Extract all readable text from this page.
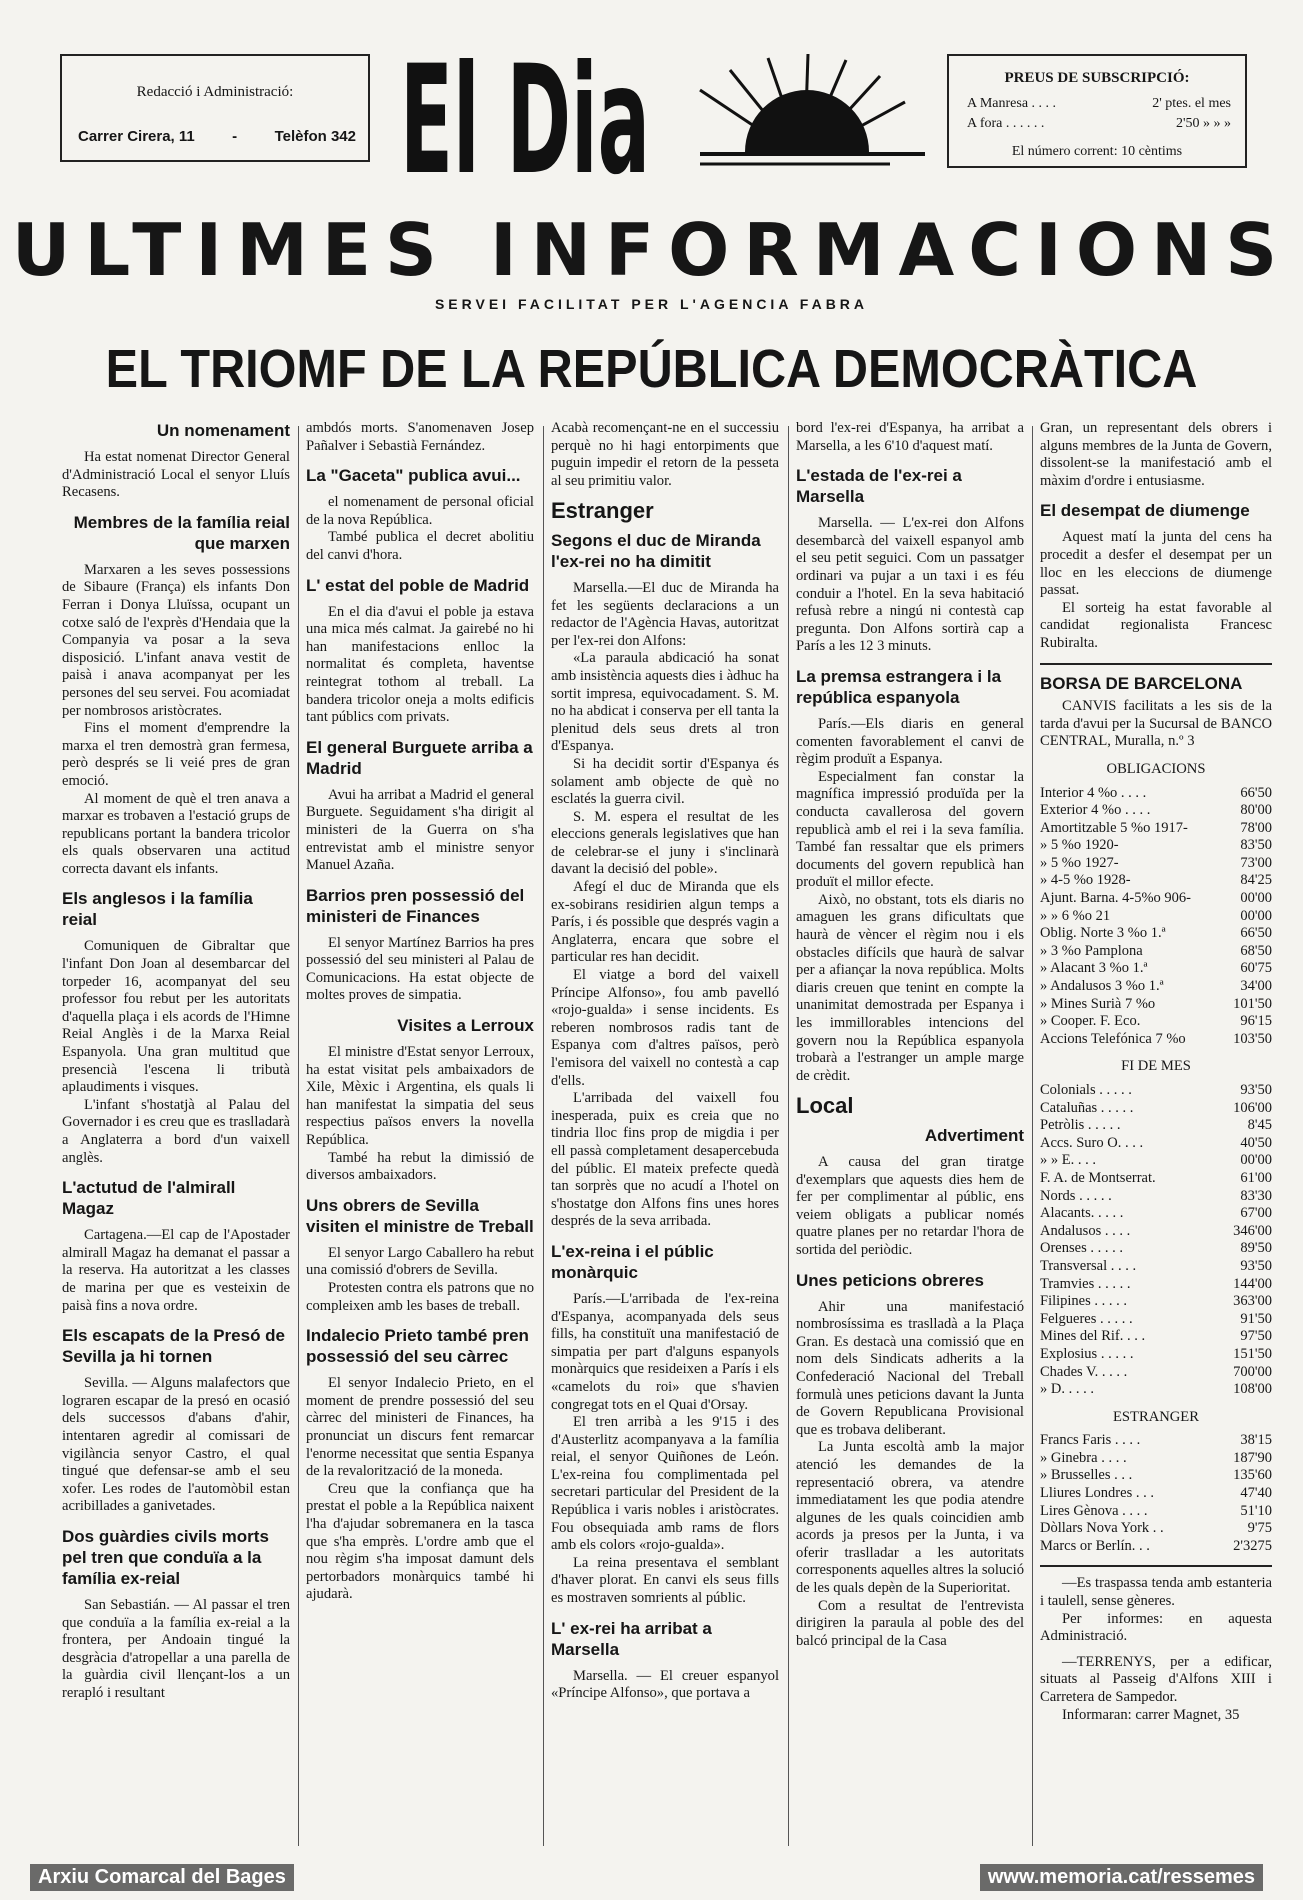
Redacció i Administració:
Carrer Cirera, 11 - Telèfon 342 El Dia	PREUS DE SUBSCRIPCIÓ:
A Manresa . . . .	2' ptes. el mes
A fora . . . . . .	2'50 » » »
El número corrent: 10 cèntims
ULTIMES INFORMACIONS
SERVEI FACILITAT PER L'AGENCIA FABRA
EL TRIOMF DE LA REPÚBLICA DEMOCRÀTICA
Un nomenament

Ha estat nomenat Director General d'Administració Local el senyor Lluís Recasens.

Membres de la família reial que marxen

Marxaren a les seves possessions de Sibaure (França) els infants Don Ferran i Donya Lluïssa, ocupant un cotxe saló de l'exprès d'Hendaia que la Companyia va posar a la seva disposició. L'infant anava vestit de paisà i anava acompanyat per les persones del seu servei. Fou acomiadat per nombrosos aristòcrates.

Fins el moment d'emprendre la marxa el tren demostrà gran fermesa, però després se li veié pres de gran emoció.

Al moment de què el tren anava a marxar es trobaven a l'estació grups de republicans portant la bandera tricolor els quals observaren una actitud correcta davant els infants.

Els anglesos i la família reial

Comuniquen de Gibraltar que l'infant Don Joan al desembarcar del torpeder 16, acompanyat del seu professor fou rebut per les autoritats d'aquella plaça i els acords de l'Himne Reial Anglès i de la Marxa Reial Espanyola. Una gran multitud que presencià l'escena li tributà aplaudiments i visques.

L'infant s'hostatjà al Palau del Governador i es creu que es traslladarà a Anglaterra a bord d'un vaixell anglès.

L'actutud de l'almirall Magaz

Cartagena.—El cap de l'Apostader almirall Magaz ha demanat el passar a la reserva. Ha autoritzat a les classes de marina per que es vesteixin de paisà fins a nova ordre.

Els escapats de la Presó de Sevilla ja hi tornen

Sevilla. — Alguns malafectors que lograren escapar de la presó en ocasió dels successos d'abans d'ahir, intentaren agredir al comissari de vigilància senyor Castro, el qual tingué que defensar-se amb el seu xofer. Les rodes de l'automòbil estan acribillades a ganivetades.

Dos guàrdies civils morts pel tren que conduïa a la família ex-reial

San Sebastián. — Al passar el tren que conduïa a la família ex-reial a la frontera, per Andoain tingué la desgràcia d'atropellar a una parella de la guàrdia civil llençant-los a un rerapló i resultant

ambdós morts. S'anomenaven Josep Pañalver i Sebastià Fernández.

La "Gaceta" publica avui...

el nomenament de personal oficial de la nova República.

També publica el decret abolitiu del canvi d'hora.

L' estat del poble de Madrid

En el dia d'avui el poble ja estava una mica més calmat. Ja gairebé no hi han manifestacions enlloc la normalitat és completa, haventse reintegrat tothom al treball. La bandera tricolor oneja a molts edificis tant públics com privats.

El general Burguete arriba a Madrid

Avui ha arribat a Madrid el general Burguete. Seguidament s'ha dirigit al ministeri de la Guerra on s'ha entrevistat amb el ministre senyor Manuel Azaña.

Barrios pren possessió del ministeri de Finances

El senyor Martínez Barrios ha pres possessió del seu ministeri al Palau de Comunicacions. Ha estat objecte de moltes proves de simpatia.

Visites a Lerroux

El ministre d'Estat senyor Lerroux, ha estat visitat pels ambaixadors de Xile, Mèxic i Argentina, els quals li han manifestat la simpatia del seus respectius països envers la novella República.

També ha rebut la dimissió de diversos ambaixadors.

Uns obrers de Sevilla visiten el ministre de Treball

El senyor Largo Caballero ha rebut una comissió d'obrers de Sevilla.

Protesten contra els patrons que no compleixen amb les bases de treball.

Indalecio Prieto també pren possessió del seu càrrec

El senyor Indalecio Prieto, en el moment de prendre possessió del seu càrrec del ministeri de Finances, ha pronunciat un discurs fent remarcar l'enorme necessitat que sentia Espanya de la revalorització de la moneda.

Creu que la confiança que ha prestat el poble a la República naixent l'ha d'ajudar sobremanera en la tasca que s'ha emprès. L'ordre amb que el nou règim s'ha imposat damunt dels pertorbadors monàrquics també hi ajudarà.

Acabà recomençant-ne en el successiu perquè no hi hagi entorpiments que puguin impedir el retorn de la pesseta al seu primitiu valor.

Estranger
Segons el duc de Miranda l'ex-rei no ha dimitit

Marsella.—El duc de Miranda ha fet les següents declaracions a un redactor de l'Agència Havas, autoritzat per l'ex-rei don Alfons:

«La paraula abdicació ha sonat amb insistència aquests dies i àdhuc ha sortit impresa, equivocadament. S. M. no ha abdicat i conserva per ell tanta la plenitud dels seus drets al tron d'Espanya.

Si ha decidit sortir d'Espanya és solament amb objecte de què no esclatés la guerra civil.

S. M. espera el resultat de les eleccions generals legislatives que han de celebrar-se el juny i s'inclinarà davant la decisió del poble».

Afegí el duc de Miranda que els ex-sobirans residirien algun temps a París, i és possible que després vagin a Anglaterra, encara que sobre el particular res han decidit.

El viatge a bord del vaixell Príncipe Alfonso», fou amb pavelló «rojo-gualda» i sense incidents. Es reberen nombrosos radis tant de Espanya com d'altres països, però l'emisora del vaixell no contestà a cap d'ells.

L'arribada del vaixell fou inesperada, puix es creia que no tindria lloc fins prop de migdia i per ell passà completament desapercebuda del públic. El mateix prefecte quedà tan sorprès que no acudí a l'hotel on s'hostatge don Alfons fins unes hores després de la seva arribada.

L'ex-reina i el públic monàrquic

París.—L'arribada de l'ex-reina d'Espanya, acompanyada dels seus fills, ha constituït una manifestació de simpatia per part d'alguns espanyols monàrquics que resideixen a París i els «camelots du roi» que s'havien congregat tots en el Quai d'Orsay.

El tren arribà a les 9'15 i des d'Austerlitz acompanyava a la família reial, el senyor Quiñones de León. L'ex-reina fou complimentada pel secretari particular del President de la República i varis nobles i aristòcrates. Fou obsequiada amb rams de flors amb els colors «rojo-gualda».

La reina presentava el semblant d'haver plorat. En canvi els seus fills es mostraven somrients al públic.

L' ex-rei ha arribat a Marsella

Marsella. — El creuer espanyol «Príncipe Alfonso», que portava a

bord l'ex-rei d'Espanya, ha arribat a Marsella, a les 6'10 d'aquest matí.

L'estada de l'ex-rei a Marsella

Marsella. — L'ex-rei don Alfons desembarcà del vaixell espanyol amb el seu petit seguici. Com un passatger ordinari va pujar a un taxi i es féu conduir a l'hotel. En la seva habitació refusà rebre a ningú ni contestà cap pregunta. Don Alfons sortirà cap a París a les 12 3 minuts.

La premsa estrangera i la república espanyola

París.—Els diaris en general comenten favorablement el canvi de règim produït a Espanya.

Especialment fan constar la magnífica impressió produïda per la conducta cavallerosa del govern republicà amb el rei i la seva família. També fan ressaltar que els primers documents del govern republicà han produït el millor efecte.

Això, no obstant, tots els diaris no amaguen les grans dificultats que haurà de vèncer el règim nou i els obstacles difícils que haurà de salvar per a afiançar la nova república. Molts diaris creuen que tenint en compte la unanimitat demostrada per Espanya i les immillorables intencions del govern nou la República espanyola trobarà a l'estranger un ample marge de crèdit.

Local
Advertiment

A causa del gran tiratge d'exemplars que aquests dies hem de fer per complimentar al públic, ens veiem obligats a publicar només quatre planes per no retardar l'hora de sortida del periòdic.

Unes peticions obreres

Ahir una manifestació nombrosíssima es traslladà a la Plaça Gran. Es destacà una comissió que en nom dels Sindicats adherits a la Confederació Nacional del Treball formulà unes peticions davant la Junta de Govern Republicana Provisional que es trobava deliberant.

La Junta escoltà amb la major atenció les demandes de la representació obrera, va atendre immediatament les que podia atendre algunes de les quals coincidien amb acords ja presos per la Junta, i va oferir traslladar a les autoritats corresponents aquelles altres la solució de les quals depèn de la Superioritat.

Com a resultat de l'entrevista dirigiren la paraula al poble des del balcó principal de la Casa

Gran, un representant dels obrers i alguns membres de la Junta de Govern, dissolent-se la manifestació amb el màxim d'ordre i entusiasme.

El desempat de diumenge

Aquest matí la junta del cens ha procedit a desfer el desempat per un lloc en les eleccions de diumenge passat.

El sorteig ha estat favorable al candidat regionalista Francesc Rubiralta.

BORSA DE BARCELONA

CANVIS facilitats a les sis de la tarda d'avui per la Sucursal de BANCO CENTRAL, Muralla, n.º 3

OBLIGACIONS
Interior 4 %o . . . .	66'50
Exterior 4 %o . . . .	80'00
Amortitzable 5 %o 1917-	78'00
» 5 %o 1920-	83'50
» 5 %o 1927-	73'00
» 4-5 %o 1928-	84'25
Ajunt. Barna. 4-5%o 906-	00'00
» » 6 %o 21	00'00
Oblig. Norte 3 %o 1.ª	66'50
» 3 %o Pamplona	68'50
» Alacant 3 %o 1.ª	60'75
» Andalusos 3 %o 1.ª	34'00
» Mines Surià 7 %o	101'50
» Cooper. F. Eco.	96'15
Accions Telefónica 7 %o	103'50
FI DE MES
Colonials . . . . .	93'50
Cataluñas . . . . .	106'00
Petròlis . . . . .	8'45
Accs. Suro O. . . .	40'50
» » E. . . .	00'00
F. A. de Montserrat.	61'00
Nords . . . . .	83'30
Alacants. . . . .	67'00
Andalusos . . . .	346'00
Orenses . . . . .	89'50
Transversal . . . .	93'50
Tramvies . . . . .	144'00
Filipines . . . . .	363'00
Felgueres . . . . .	91'50
Mines del Rif. . . .	97'50
Explosius . . . . .	151'50
Chades V. . . . .	700'00
» D. . . . .	108'00
ESTRANGER
Francs Faris . . . .	38'15
» Ginebra . . . .	187'90
» Brusselles . . .	135'60
Lliures Londres . . .	47'40
Lires Gènova . . . .	51'10
Dòllars Nova York . .	9'75
Marcs or Berlín. . .	2'3275

—Es traspassa tenda amb estanteria i taulell, sense gèneres.

Per informes: en aquesta Administració.

—TERRENYS, per a edificar, situats al Passeig d'Alfons XIII i Carretera de Sampedor.

Informaran: carrer Magnet, 35

Arxiu Comarcal del Bages	www.memoria.cat/ressemes
